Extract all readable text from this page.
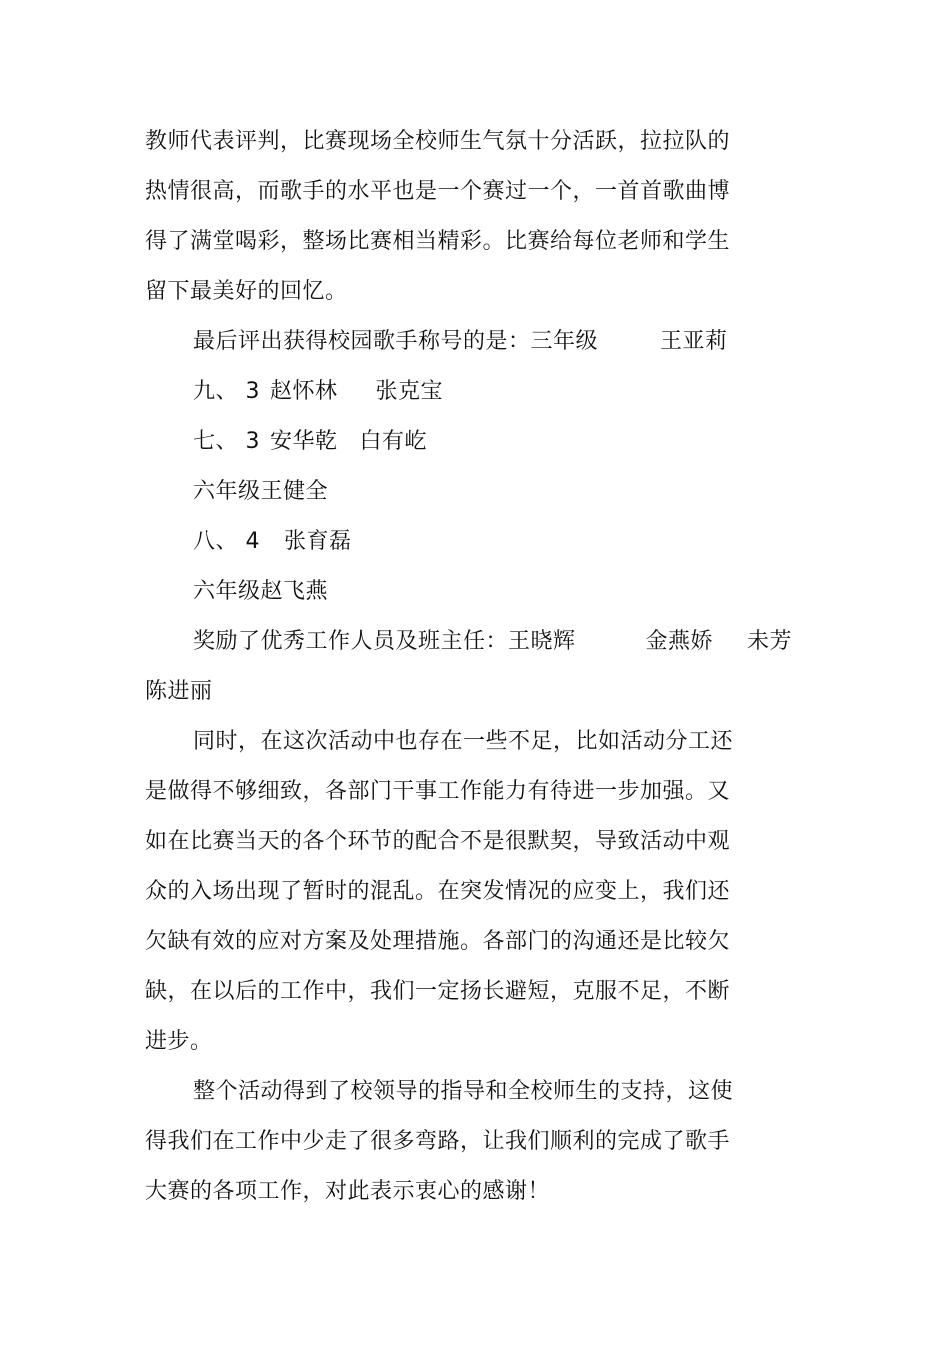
教师代表评判，比赛现场全校师生气氛十分活跃，拉拉队的
热情很高，而歌手的水平也是一个赛过一个，一首首歌曲博
得了满堂喝彩，整场比赛相当精彩。比赛给每位老师和学生
留下最美好的回忆。
最后评出获得校园歌手称号的是：三年级	王亚莉
九、 3 赵怀林 张克宝
七、 3 安华乾 白有屹
六年级王健全
八、 4 张育磊
六年级赵飞燕
奖励了优秀工作人员及班主任：王晓辉	金燕娇 未芳
陈进丽
同时，在这次活动中也存在一些不足，比如活动分工还
是做得不够细致，各部门干事工作能力有待进一步加强。又
如在比赛当天的各个环节的配合不是很默契，导致活动中观
众的入场出现了暂时的混乱。在突发情况的应变上，我们还
欠缺有效的应对方案及处理措施。各部门的沟通还是比较欠
缺，在以后的工作中，我们一定扬长避短，克服不足，不断
进步。
整个活动得到了校领导的指导和全校师生的支持，这使
得我们在工作中少走了很多弯路，让我们顺利的完成了歌手
大赛的各项工作，对此表示衷心的感谢！
